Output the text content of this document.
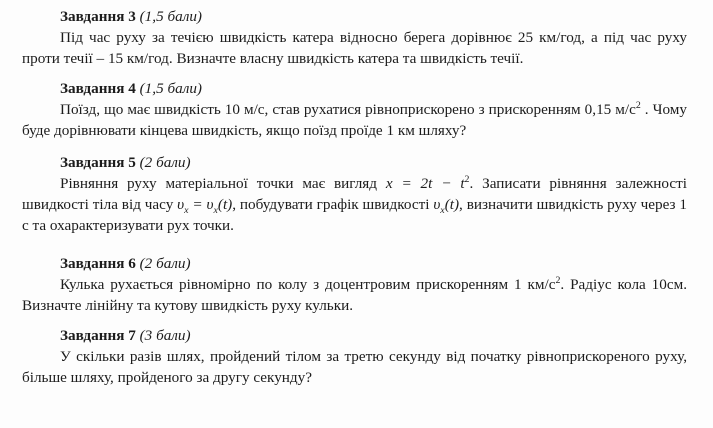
Завдання 3 (1,5 бали)

Під час руху за течією швидкість катера відносно берега дорівнює 25 км/год, а під час руху проти течії – 15 км/год. Визначте власну швидкість катера та швидкість течії.

Завдання 4 (1,5 бали)

Поїзд, що має швидкість 10 м/с, став рухатися рівноприскорено з прискоренням 0,15 $м/с^2$ . Чому буде дорівнювати кінцева швидкість, якщо поїзд проїде 1 км шляху?

Завдання 5 (2 бали)

Рівняння руху матеріальної точки має вигляд $x = 2t - t^2$. Записати рівняння залежності швидкості тіла від часу $\upsilon_x = \upsilon_x(t)$, побудувати графік швидкості $\upsilon_x(t)$, визначити швидкість руху через 1 с та охарактеризувати рух точки.

Завдання 6 (2 бали)

Кулька рухається рівномірно по колу з доцентровим прискоренням 1 $км/с^2$. Радіус кола 10см. Визначте лінійну та кутову швидкість руху кульки.

Завдання 7 (3 бали)

У скільки разів шлях, пройдений тілом за третю секунду від початку рівноприскореного руху, більше шляху, пройденого за другу секунду?
